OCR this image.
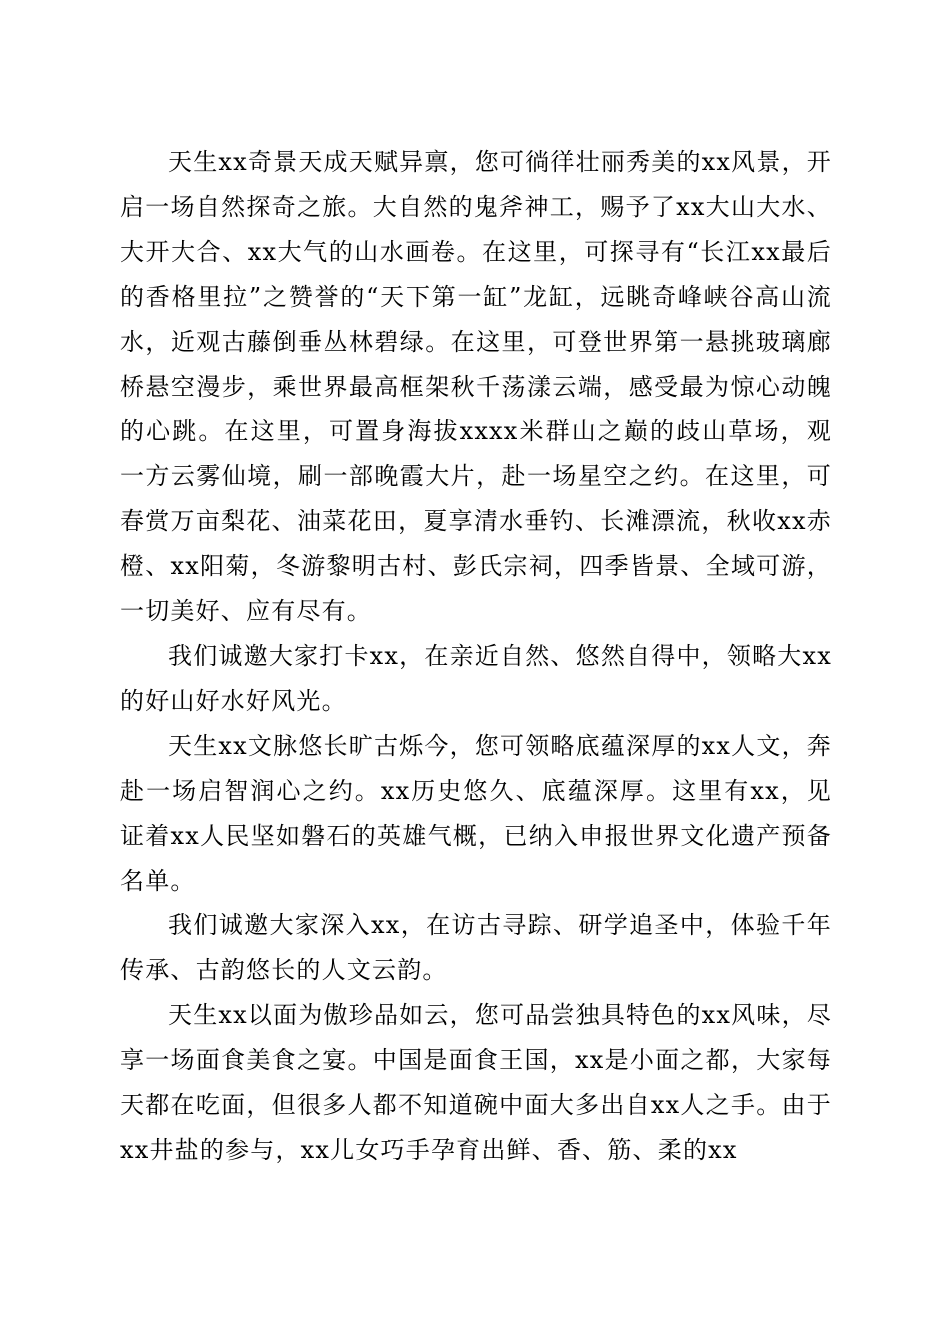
天生xx奇景天成天赋异禀，您可徜徉壮丽秀美的xx风景，开启一场自然探奇之旅。大自然的鬼斧神工，赐予了xx大山大水、大开大合、xx大气的山水画卷。在这里，可探寻有“长江xx最后的香格里拉”之赞誉的“天下第一缸”龙缸，远眺奇峰峡谷高山流水，近观古藤倒垂丛林碧绿。在这里，可登世界第一悬挑玻璃廊桥悬空漫步，乘世界最高框架秋千荡漾云端，感受最为惊心动魄的心跳。在这里，可置身海拔xxxx米群山之巅的歧山草场，观一方云雾仙境，刷一部晚霞大片，赴一场星空之约。在这里，可春赏万亩梨花、油菜花田，夏享清水垂钓、长滩漂流，秋收xx赤橙、xx阳菊，冬游黎明古村、彭氏宗祠，四季皆景、全域可游，一切美好、应有尽有。

我们诚邀大家打卡xx，在亲近自然、悠然自得中，领略大xx的好山好水好风光。

天生xx文脉悠长旷古烁今，您可领略底蕴深厚的xx人文，奔赴一场启智润心之约。xx历史悠久、底蕴深厚。这里有xx，见证着xx人民坚如磐石的英雄气概，已纳入申报世界文化遗产预备名单。

我们诚邀大家深入xx，在访古寻踪、研学追圣中，体验千年传承、古韵悠长的人文云韵。

天生xx以面为傲珍品如云，您可品尝独具特色的xx风味，尽享一场面食美食之宴。中国是面食王国，xx是小面之都，大家每天都在吃面，但很多人都不知道碗中面大多出自xx人之手。由于xx井盐的参与，xx儿女巧手孕育出鲜、香、筋、柔的xx
